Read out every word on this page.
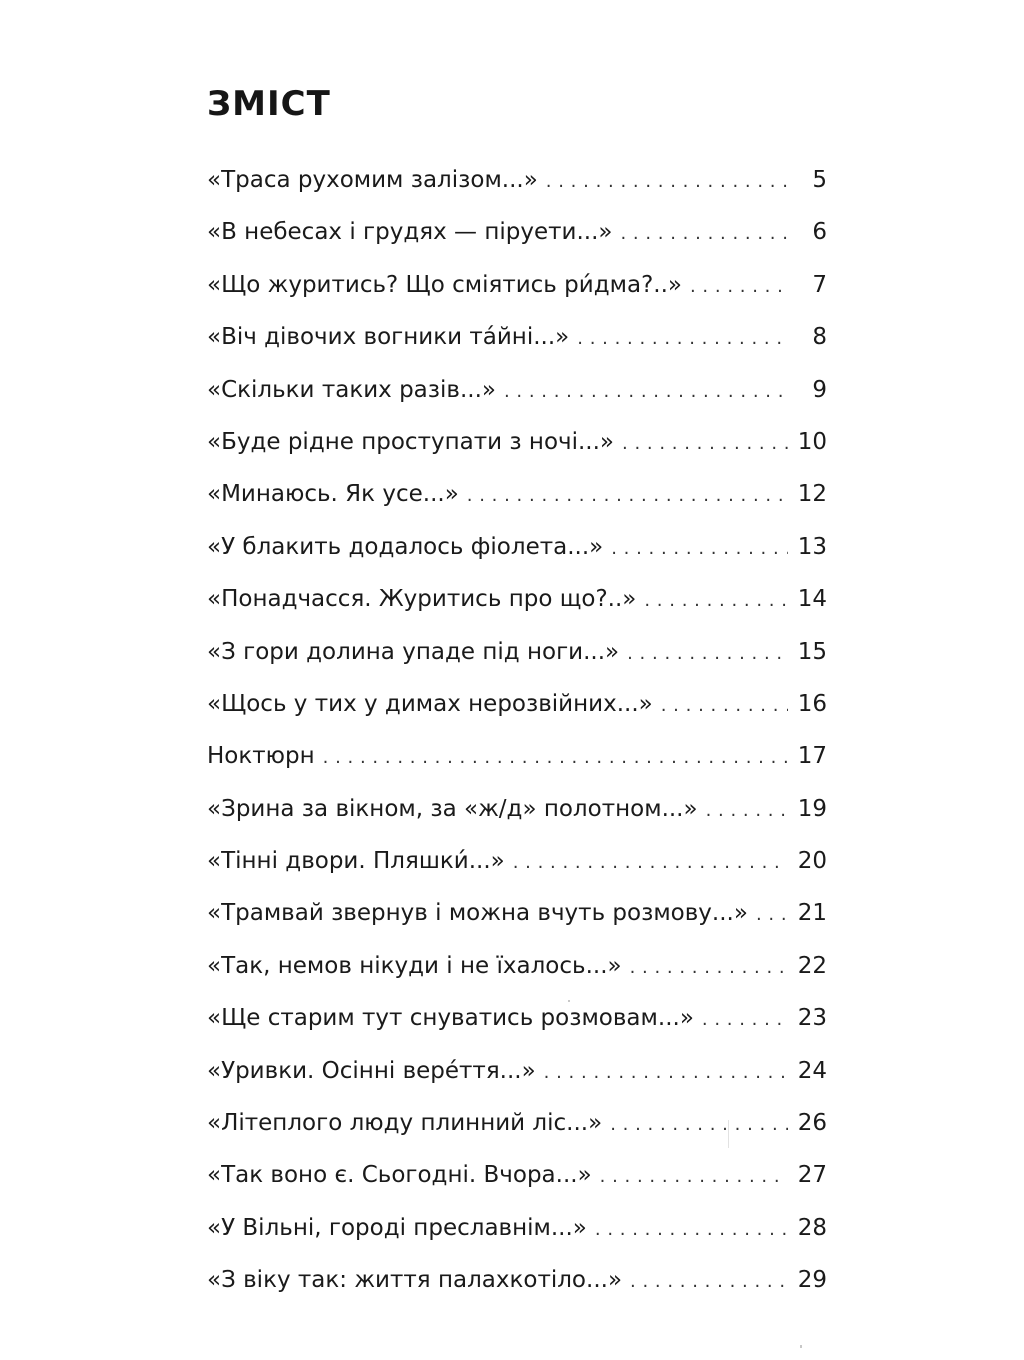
ЗМІСТ
«Траса рухомим залізом...» . . .	5
«В небесах і грудях — піруети...» . . .	6
«Що журитись? Що сміятись ри́дма?..» . . .	7
«Віч дівочих вогники та́йні...» . . .	8
«Скільки таких разів...» . . .	9
«Буде рідне проступати з ночі...» . . .	10
«Минаюсь. Як усе...» . . .	12
«У блакить додалось фіолета...» . . .	13
«Понадчасся. Журитись про що?..» . . .	14
«З гори долина упаде під ноги...» . . .	15
«Щось у тих у димах нерозвійних...» . . .	16
Ноктюрн . . .	17
«Зрина за вікном, за «ж/д» полотном...» . . .	19
«Тінні двори. Пляшки́...» . . .	20
«Трамвай звернув і можна вчуть розмову...» . . . 21
«Так, немов нікуди і не їхалось...» . . .	22
«Ще старим тут снуватись розмовам...» . . .	23
«Уривки. Осінні вере́ття...» . . .	24
«Літеплого люду плинний ліс...» . . .	26
«Так воно є. Сьогодні. Вчора...» . . .	27
«У Вільні, городі преславнім...» . . .	28
«З віку так: життя палахкотіло...» . . .	29
